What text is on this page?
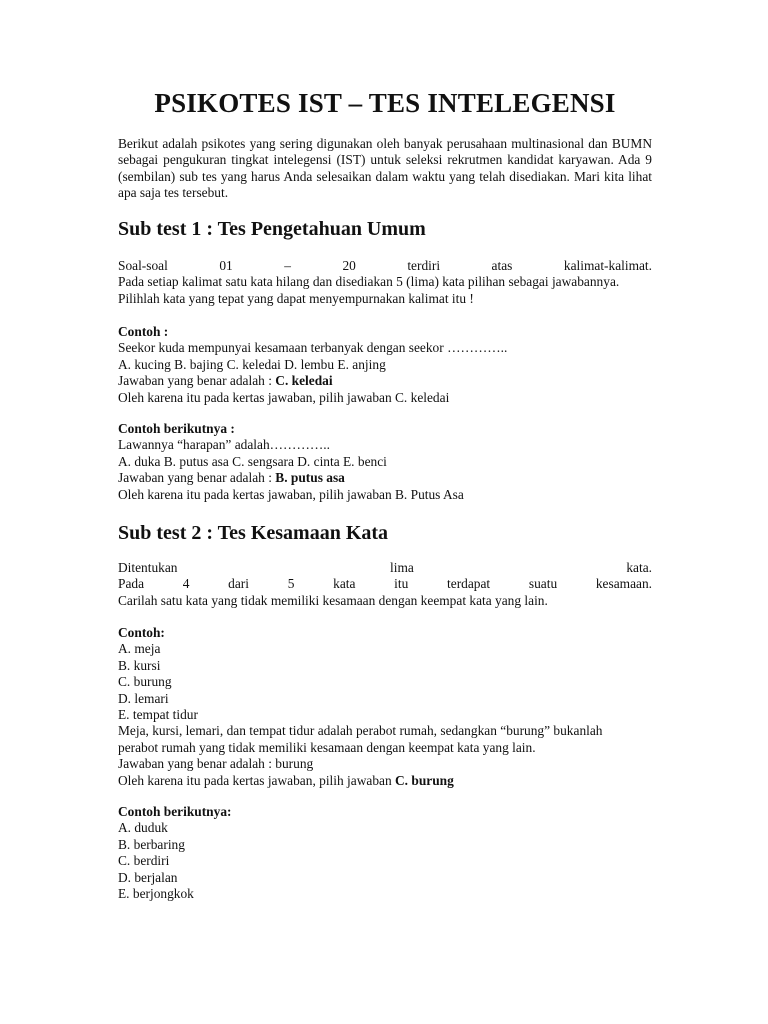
PSIKOTES IST – TES INTELEGENSI

Berikut adalah psikotes yang sering digunakan oleh banyak perusahaan multinasional dan BUMN sebagai pengukuran tingkat intelegensi (IST) untuk seleksi rekrutmen kandidat karyawan. Ada 9 (sembilan) sub tes yang harus Anda selesaikan dalam waktu yang telah disediakan. Mari kita lihat apa saja tes tersebut.

Sub test 1 : Tes Pengetahuan Umum
Soal-soal	01	–	20	terdiri	atas	kalimat-kalimat.
Pada setiap kalimat satu kata hilang dan disediakan 5 (lima) kata pilihan sebagai jawabannya.
Pilihlah kata yang tepat yang dapat menyempurnakan kalimat itu !
Contoh :
Seekor kuda mempunyai kesamaan terbanyak dengan seekor …………..
A. kucing B. bajing C. keledai D. lembu E. anjing
Jawaban yang benar adalah : C. keledai
Oleh karena itu pada kertas jawaban, pilih jawaban C. keledai
Contoh berikutnya :
Lawannya “harapan” adalah…………..
A. duka B. putus asa C. sengsara D. cinta E. benci
Jawaban yang benar adalah : B. putus asa
Oleh karena itu pada kertas jawaban, pilih jawaban B. Putus Asa
Sub test 2 : Tes Kesamaan Kata
Ditentukan	lima	kata.
Pada	4	dari	5	kata	itu	terdapat	suatu	kesamaan.
Carilah satu kata yang tidak memiliki kesamaan dengan keempat kata yang lain.
Contoh:
A. meja
B. kursi
C. burung
D. lemari
E. tempat tidur
Meja, kursi, lemari, dan tempat tidur adalah perabot rumah, sedangkan “burung” bukanlah
perabot rumah yang tidak memiliki kesamaan dengan keempat kata yang lain.
Jawaban yang benar adalah : burung
Oleh karena itu pada kertas jawaban, pilih jawaban C. burung
Contoh berikutnya:
A. duduk
B. berbaring
C. berdiri
D. berjalan
E. berjongkok
